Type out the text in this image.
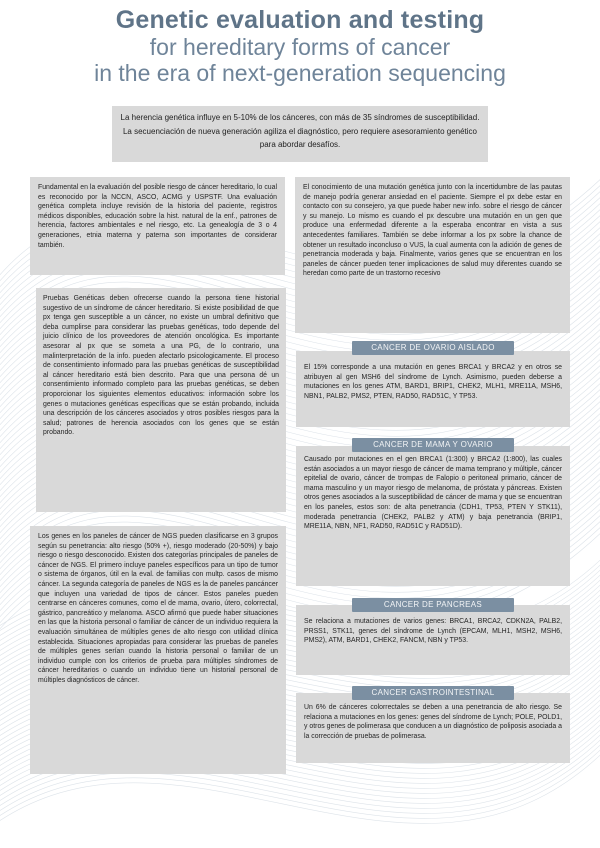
Genetic evaluation and testing
for hereditary forms of cancer
in the era of next-generation sequencing
La herencia genética influye en 5-10% de los cánceres, con más de 35 síndromes de susceptibilidad. La secuenciación de nueva generación agiliza el diagnóstico, pero requiere asesoramiento genético para abordar desafíos.
Fundamental en la evaluación del posible riesgo de cáncer hereditario, lo cual es reconocido por la NCCN, ASCO, ACMG y USPSTF. Una evaluación genética completa incluye revisión de la historia del paciente, registros médicos disponibles, educación sobre la hist. natural de la enf., patrones de herencia, factores ambientales e nel riesgo, etc. La genealogía de 3 o 4 generaciones, etnia materna y paterna son importantes de considerar también.
Pruebas Genéticas deben ofrecerse cuando la persona tiene historial sugestivo de un síndrome de cáncer hereditario. Si existe posibilidad de que px tenga gen susceptible a un cáncer, no existe un umbral definitivo que deba cumplirse para considerar las pruebas genéticas, todo depende del juicio clínico de los proveedores de atención oncológica. Es importante asesorar al px que se someta a una PG, de lo contrario, una malinterpretación de la info. pueden afectarlo psicologicamente. El proceso de consentimiento informado para las pruebas genéticas de susceptibilidad al cáncer hereditario está bien descrito. Para que una persona dé un consentimiento informado completo para las pruebas genéticas, se deben proporcionar los siguientes elementos educativos: información sobre los genes o mutaciones genéticas específicas que se están probando, incluida una descripción de los cánceres asociados y otros posibles riesgos para la salud; patrones de herencia asociados con los genes que se están probando.
Los genes en los paneles de cáncer de NGS pueden clasificarse en 3 grupos según su penetrancia: alto riesgo (50% +), riesgo moderado (20-50%) y bajo riesgo o riesgo desconocido. Existen dos categorías principales de paneles de cáncer de NGS. El primero incluye paneles específicos para un tipo de tumor o sistema de órganos, útil en la eval. de familias con multp. casos de mismo cáncer. La segunda categoría de paneles de NGS es la de paneles pancáncer que incluyen una variedad de tipos de cáncer. Estos paneles pueden centrarse en cánceres comunes, como el de mama, ovario, útero, colorrectal, gástrico, pancreático y melanoma. ASCO afirmó que puede haber situaciones en las que la historia personal o familiar de cáncer de un individuo requiera la evaluación simultánea de múltiples genes de alto riesgo con utilidad clínica establecida. Situaciones apropiadas para considerar las pruebas de paneles de múltiples genes serían cuando la historia personal o familiar de un individuo cumple con los criterios de prueba para múltiples síndromes de cáncer hereditarios o cuando un individuo tiene un historial personal de múltiples diagnósticos de cáncer.
El conocimiento de una mutación genética junto con la incertidumbre de las pautas de manejo podría generar ansiedad en el paciente. Siempre el px debe estar en contacto con su consejero, ya que puede haber new info. sobre el riesgo de cáncer y su manejo. Lo mismo es cuando el px descubre una mutación en un gen que produce una enfermedad diferente a la esperaba encontrar en vista a sus antecedentes familiares. También se debe informar a los px sobre la chance de obtener un resultado inconcluso o VUS, la cual aumenta con la adición de genes de penetrancia moderada y baja. Finalmente, varios genes que se encuentran en los paneles de cáncer pueden tener implicaciones de salud muy diferentes cuando se heredan como parte de un trastorno recesivo
CANCER DE OVARIO AISLADO
El 15% corresponde a una mutación en genes BRCA1 y BRCA2 y en otros se atribuyen al gen MSH6 del síndrome de Lynch. Asimismo, pueden deberse a mutaciones en los genes ATM, BARD1, BRIP1, CHEK2, MLH1, MRE11A, MSH6, NBN1, PALB2, PMS2, PTEN, RAD50, RAD51C, Y TP53.
CANCER DE MAMA Y OVARIO
Causado por mutaciones en el gen BRCA1 (1:300) y BRCA2 (1:800), las cuales están asociados a un mayor riesgo de cáncer de mama temprano y múltiple, cáncer epitelial de ovario, cáncer de trompas de Falopio o peritoneal primario, cáncer de mama masculino y un mayor riesgo de melanoma, de próstata y páncreas. Existen otros genes asociados a la susceptibilidad de cáncer de mama y que se encuentran en los paneles, estos son: de alta penetrancia (CDH1, TP53, PTEN Y STK11), moderada penetrancia (CHEK2, PALB2 y ATM) y baja penetrancia (BRIP1, MRE11A, NBN, NF1, RAD50, RAD51C y RAD51D).
CANCER DE PANCREAS
Se relaciona a mutaciones de varios genes: BRCA1, BRCA2, CDKN2A, PALB2, PRSS1, STK11, genes del síndrome de Lynch (EPCAM, MLH1, MSH2, MSH6, PMS2), ATM, BARD1, CHEK2, FANCM, NBN y TP53.
CANCER GASTROINTESTINAL
Un 6% de cánceres colorrectales se deben a una penetrancia de alto riesgo. Se relaciona a mutaciones en los genes: genes del síndrome de Lynch; POLE, POLD1, y otros genes de polimerasa que conducen a un diagnóstico de poliposis asociada a la corrección de pruebas de polimerasa.
